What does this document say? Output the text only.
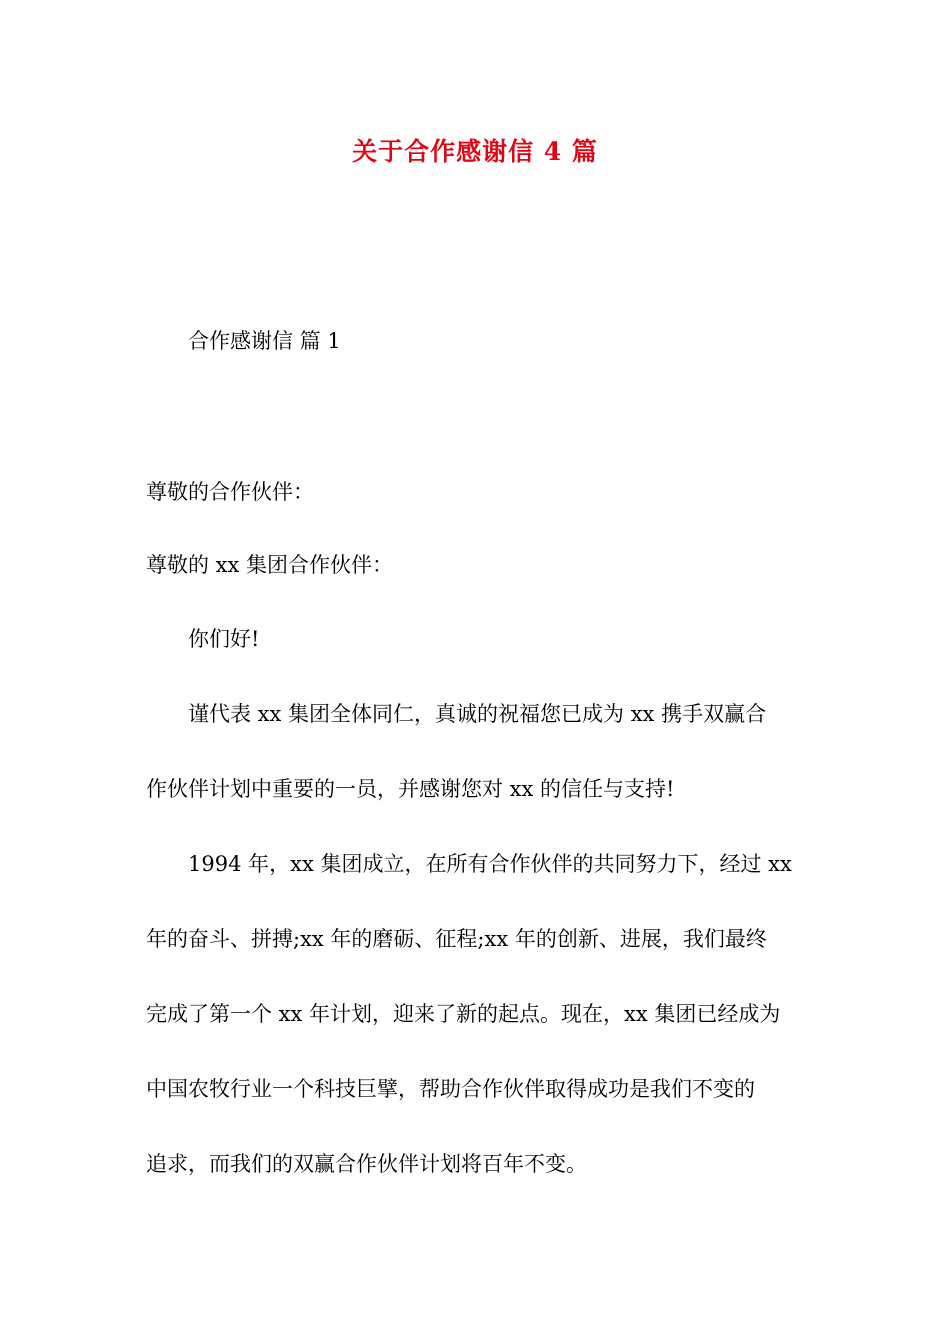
关于合作感谢信 4 篇
合作感谢信 篇 1
尊敬的合作伙伴：
尊敬的 xx 集团合作伙伴：
你们好!
谨代表 xx 集团全体同仁，真诚的祝福您已成为 xx 携手双赢合
作伙伴计划中重要的一员，并感谢您对 xx 的信任与支持!
1994 年，xx 集团成立，在所有合作伙伴的共同努力下，经过 xx
年的奋斗、拼搏;xx 年的磨砺、征程;xx 年的创新、进展，我们最终
完成了第一个 xx 年计划，迎来了新的起点。现在，xx 集团已经成为
中国农牧行业一个科技巨擘，帮助合作伙伴取得成功是我们不变的
追求，而我们的双赢合作伙伴计划将百年不变。
